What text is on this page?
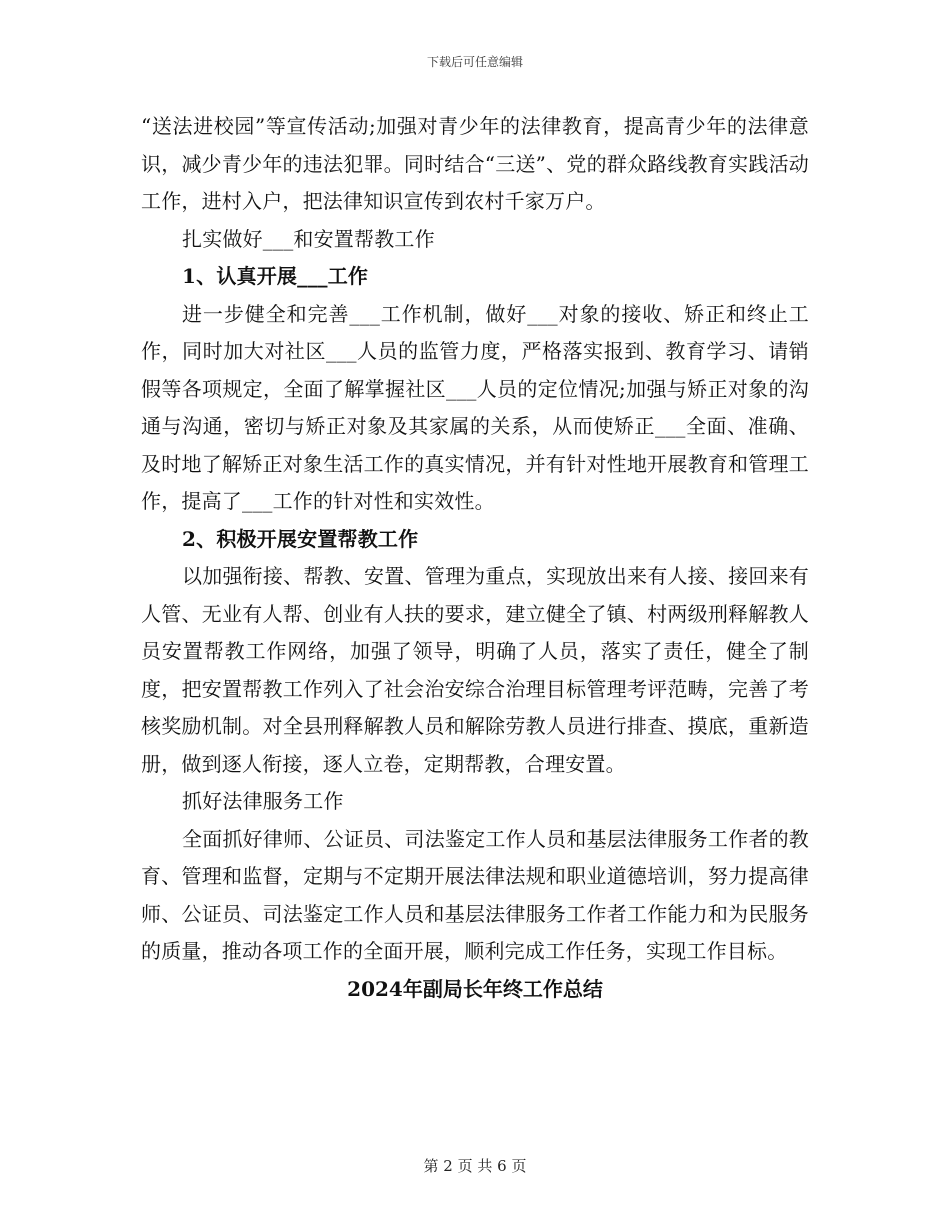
下载后可任意编辑

“送法进校园”等宣传活动;加强对青少年的法律教育，提高青少年的法律意识，减少青少年的违法犯罪。同时结合“三送”、党的群众路线教育实践活动工作，进村入户，把法律知识宣传到农村千家万户。

扎实做好___和安置帮教工作

1、认真开展___工作

进一步健全和完善___工作机制，做好___对象的接收、矫正和终止工作，同时加大对社区___人员的监管力度，严格落实报到、教育学习、请销假等各项规定，全面了解掌握社区___人员的定位情况;加强与矫正对象的沟通与沟通，密切与矫正对象及其家属的关系，从而使矫正___全面、准确、及时地了解矫正对象生活工作的真实情况，并有针对性地开展教育和管理工作，提高了___工作的针对性和实效性。

2、积极开展安置帮教工作

以加强衔接、帮教、安置、管理为重点，实现放出来有人接、接回来有人管、无业有人帮、创业有人扶的要求，建立健全了镇、村两级刑释解教人员安置帮教工作网络，加强了领导，明确了人员，落实了责任，健全了制度，把安置帮教工作列入了社会治安综合治理目标管理考评范畴，完善了考核奖励机制。对全县刑释解教人员和解除劳教人员进行排查、摸底，重新造册，做到逐人衔接，逐人立卷，定期帮教，合理安置。

抓好法律服务工作

全面抓好律师、公证员、司法鉴定工作人员和基层法律服务工作者的教育、管理和监督，定期与不定期开展法律法规和职业道德培训，努力提高律师、公证员、司法鉴定工作人员和基层法律服务工作者工作能力和为民服务的质量，推动各项工作的全面开展，顺利完成工作任务，实现工作目标。

2024年副局长年终工作总结
第 2 页 共 6 页
